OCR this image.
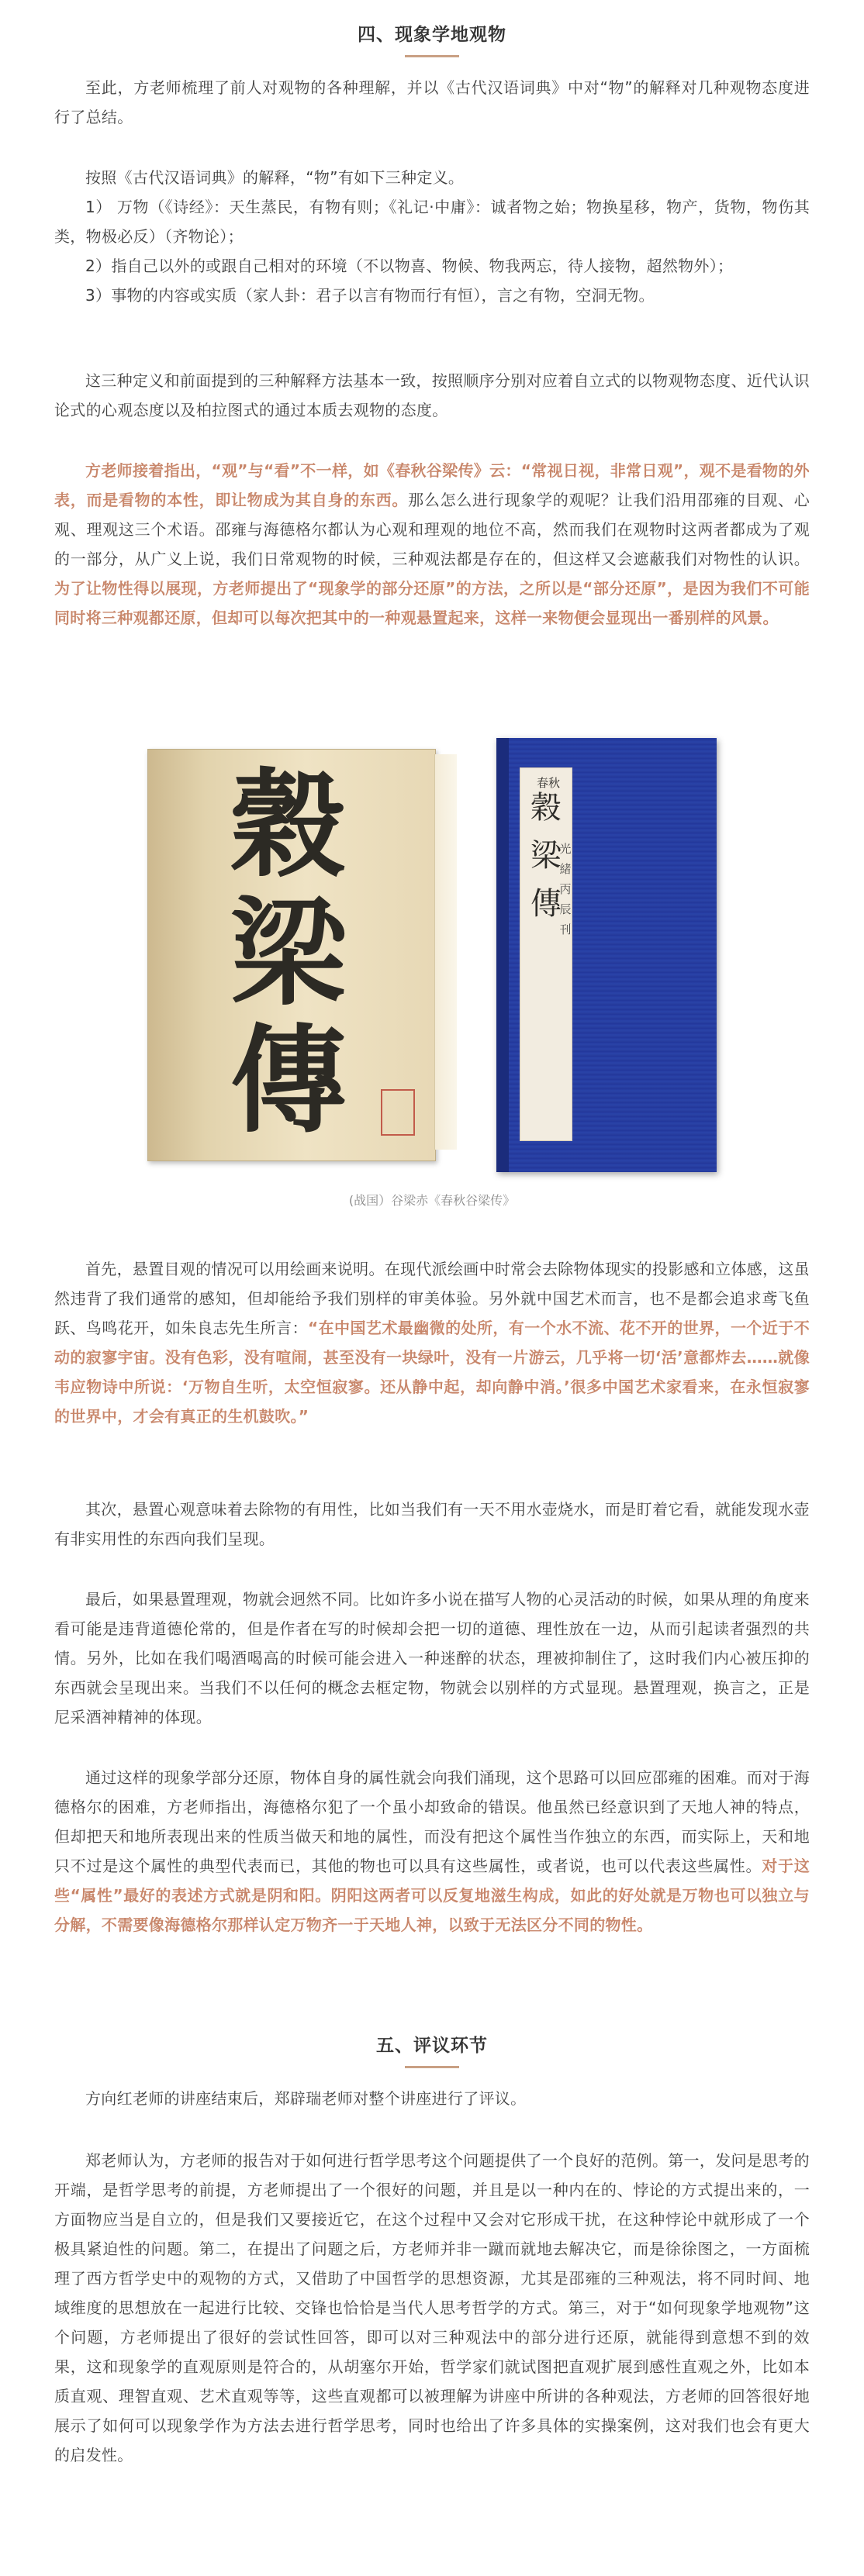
四、现象学地观物

至此，方老师梳理了前人对观物的各种理解，并以《古代汉语词典》中对“物”的解释对几种观物态度进行了总结。

按照《古代汉语词典》的解释，“物”有如下三种定义。

1） 万物（《诗经》：天生蒸民，有物有则；《礼记·中庸》：诚者物之始；物换星移，物产，货物，物伤其类，物极必反）（齐物论）；

2）指自己以外的或跟自己相对的环境（不以物喜、物候、物我两忘，待人接物，超然物外）；

3）事物的内容或实质（家人卦：君子以言有物而行有恒），言之有物，空洞无物。

这三种定义和前面提到的三种解释方法基本一致，按照顺序分别对应着自立式的以物观物态度、近代认识论式的心观态度以及柏拉图式的通过本质去观物的态度。

方老师接着指出，“观”与“看”不一样，如《春秋谷梁传》云：“常视日视，非常日观”，观不是看物的外表，而是看物的本性，即让物成为其自身的东西。那么怎么进行现象学的观呢？让我们沿用邵雍的目观、心观、理观这三个术语。邵雍与海德格尔都认为心观和理观的地位不高，然而我们在观物时这两者都成为了观的一部分，从广义上说，我们日常观物的时候，三种观法都是存在的，但这样又会遮蔽我们对物性的认识。为了让物性得以展现，方老师提出了“现象学的部分还原”的方法，之所以是“部分还原”，是因为我们不可能同时将三种观都还原，但却可以每次把其中的一种观悬置起来，这样一来物便会显现出一番别样的风景。

穀
梁
傳
春秋
穀
梁
傳
光緒丙辰刊
(战国）谷梁赤《春秋谷梁传》

首先，悬置目观的情况可以用绘画来说明。在现代派绘画中时常会去除物体现实的投影感和立体感，这虽然违背了我们通常的感知，但却能给予我们别样的审美体验。另外就中国艺术而言，也不是都会追求鸢飞鱼跃、鸟鸣花开，如朱良志先生所言：“在中国艺术最幽微的处所，有一个水不流、花不开的世界，一个近于不动的寂寥宇宙。没有色彩，没有喧闹，甚至没有一块绿叶，没有一片游云，几乎将一切‘活’意都炸去……就像韦应物诗中所说：‘万物自生听，太空恒寂寥。还从静中起，却向静中消。’很多中国艺术家看来，在永恒寂寥的世界中，才会有真正的生机鼓吹。”

其次，悬置心观意味着去除物的有用性，比如当我们有一天不用水壶烧水，而是盯着它看，就能发现水壶有非实用性的东西向我们呈现。

最后，如果悬置理观，物就会迥然不同。比如许多小说在描写人物的心灵活动的时候，如果从理的角度来看可能是违背道德伦常的，但是作者在写的时候却会把一切的道德、理性放在一边，从而引起读者强烈的共情。另外，比如在我们喝酒喝高的时候可能会进入一种迷醉的状态，理被抑制住了，这时我们内心被压抑的东西就会呈现出来。当我们不以任何的概念去框定物，物就会以别样的方式显现。悬置理观，换言之，正是尼采酒神精神的体现。

通过这样的现象学部分还原，物体自身的属性就会向我们涌现，这个思路可以回应邵雍的困难。而对于海德格尔的困难，方老师指出，海德格尔犯了一个虽小却致命的错误。他虽然已经意识到了天地人神的特点，但却把天和地所表现出来的性质当做天和地的属性，而没有把这个属性当作独立的东西，而实际上，天和地只不过是这个属性的典型代表而已，其他的物也可以具有这些属性，或者说，也可以代表这些属性。对于这些“属性”最好的表述方式就是阴和阳。阴阳这两者可以反复地滋生构成，如此的好处就是万物也可以独立与分解，不需要像海德格尔那样认定万物齐一于天地人神，以致于无法区分不同的物性。

五、评议环节

方向红老师的讲座结束后，郑辟瑞老师对整个讲座进行了评议。

郑老师认为，方老师的报告对于如何进行哲学思考这个问题提供了一个良好的范例。第一，发问是思考的开端，是哲学思考的前提，方老师提出了一个很好的问题，并且是以一种内在的、悖论的方式提出来的，一方面物应当是自立的，但是我们又要接近它，在这个过程中又会对它形成干扰，在这种悖论中就形成了一个极具紧迫性的问题。第二，在提出了问题之后，方老师并非一蹴而就地去解决它，而是徐徐图之，一方面梳理了西方哲学史中的观物的方式，又借助了中国哲学的思想资源，尤其是邵雍的三种观法，将不同时间、地域维度的思想放在一起进行比较、交锋也恰恰是当代人思考哲学的方式。第三，对于“如何现象学地观物”这个问题，方老师提出了很好的尝试性回答，即可以对三种观法中的部分进行还原，就能得到意想不到的效果，这和现象学的直观原则是符合的，从胡塞尔开始，哲学家们就试图把直观扩展到感性直观之外，比如本质直观、理智直观、艺术直观等等，这些直观都可以被理解为讲座中所讲的各种观法，方老师的回答很好地展示了如何可以现象学作为方法去进行哲学思考，同时也给出了许多具体的实操案例，这对我们也会有更大的启发性。
